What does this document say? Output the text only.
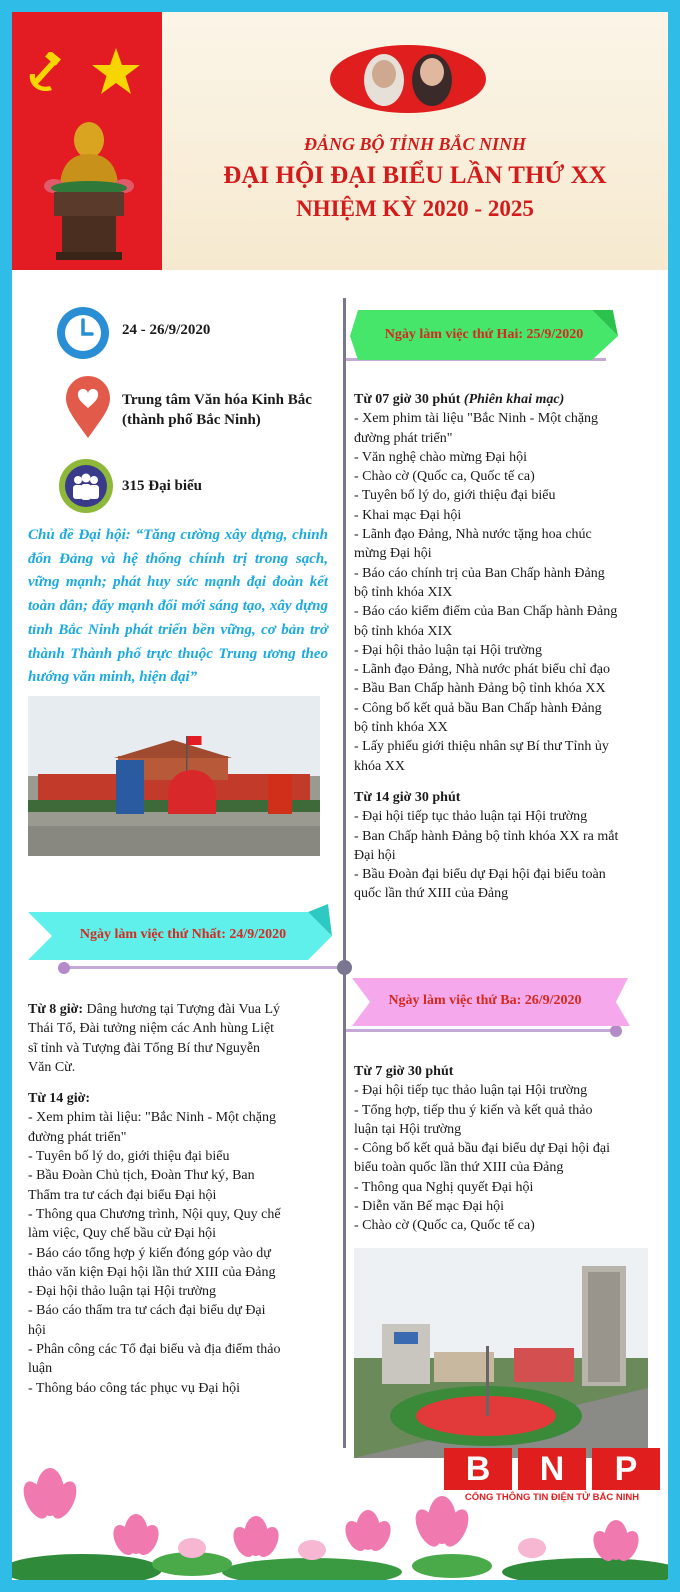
ĐẢNG BỘ TỈNH BẮC NINH
ĐẠI HỘI ĐẠI BIỂU LẦN THỨ XX
NHIỆM KỲ 2020 - 2025
24 - 26/9/2020
Trung tâm Văn hóa Kinh Bắc
(thành phố Bắc Ninh)
315 Đại biểu
Chủ đề Đại hội: “Tăng cường xây dựng, chỉnh đốn Đảng và hệ thống chính trị trong sạch, vững mạnh; phát huy sức mạnh đại đoàn kết toàn dân; đẩy mạnh đổi mới sáng tạo, xây dựng tỉnh Bắc Ninh phát triển bền vững, cơ bản trở thành Thành phố trực thuộc Trung ương theo hướng văn minh, hiện đại”
Ngày làm việc thứ Hai: 25/9/2020
Từ 07 giờ 30 phút (Phiên khai mạc)
- Xem phim tài liệu "Bắc Ninh - Một chặng
đường phát triển"
- Văn nghệ chào mừng Đại hội
- Chào cờ (Quốc ca, Quốc tế ca)
- Tuyên bố lý do, giới thiệu đại biểu
- Khai mạc Đại hội
- Lãnh đạo Đảng, Nhà nước tặng hoa chúc
mừng Đại hội
- Báo cáo chính trị của Ban Chấp hành Đảng
bộ tỉnh khóa XIX
- Báo cáo kiểm điểm của Ban Chấp hành Đảng
bộ tỉnh khóa XIX
- Đại hội thảo luận tại Hội trường
- Lãnh đạo Đảng, Nhà nước phát biểu chỉ đạo
- Bầu Ban Chấp hành Đảng bộ tỉnh khóa XX
- Công bố kết quả bầu Ban Chấp hành Đảng
bộ tỉnh khóa XX
- Lấy phiếu giới thiệu nhân sự Bí thư Tỉnh ủy
khóa XX
Từ 14 giờ 30 phút
- Đại hội tiếp tục thảo luận tại Hội trường
- Ban Chấp hành Đảng bộ tỉnh khóa XX ra mắt
Đại hội
- Bầu Đoàn đại biểu dự Đại hội đại biểu toàn
quốc lần thứ XIII của Đảng
Ngày làm việc thứ Nhất: 24/9/2020
Từ 8 giờ: Dâng hương tại Tượng đài Vua Lý
Thái Tổ, Đài tưởng niệm các Anh hùng Liệt
sĩ tỉnh và Tượng đài Tổng Bí thư Nguyễn
Văn Cừ.
Từ 14 giờ:
- Xem phim tài liệu: "Bắc Ninh - Một chặng
đường phát triển"
- Tuyên bố lý do, giới thiệu đại biểu
- Bầu Đoàn Chủ tịch, Đoàn Thư ký, Ban
Thẩm tra tư cách đại biểu Đại hội
- Thông qua Chương trình, Nội quy, Quy chế
làm việc, Quy chế bầu cử Đại hội
- Báo cáo tổng hợp ý kiến đóng góp vào dự
thảo văn kiện Đại hội lần thứ XIII của Đảng
- Đại hội thảo luận tại Hội trường
- Báo cáo thẩm tra tư cách đại biểu dự Đại
hội
- Phân công các Tổ đại biểu và địa điểm thảo
luận
- Thông báo công tác phục vụ Đại hội
Ngày làm việc thứ Ba: 26/9/2020
Từ 7 giờ 30 phút
- Đại hội tiếp tục thảo luận tại Hội trường
- Tổng hợp, tiếp thu ý kiến và kết quả thảo
luận tại Hội trường
- Công bố kết quả bầu đại biểu dự Đại hội đại
biểu toàn quốc lần thứ XIII của Đảng
- Thông qua Nghị quyết Đại hội
- Diễn văn Bế mạc Đại hội
- Chào cờ (Quốc ca, Quốc tế ca)
B	N	P
CỔNG THÔNG TIN ĐIỆN TỬ BẮC NINH
